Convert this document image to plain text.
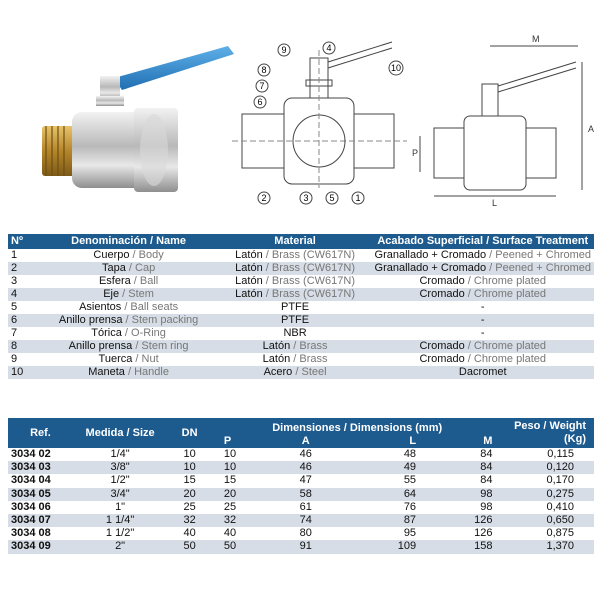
9	4
10
8
7
6
2	3 5 1
M
A
P
L
Nº	Denominación / Name	Material	Acabado Superficial / Surface Treatment
1	Cuerpo / Body	Latón / Brass (CW617N)	Granallado + Cromado / Peened + Chromed
2	Tapa / Cap	Latón / Brass (CW617N)	Granallado + Cromado / Peened + Chromed
3	Esfera / Ball	Latón / Brass (CW617N)	Cromado / Chrome plated
4	Eje / Stem	Latón / Brass (CW617N)	Cromado / Chrome plated
5	Asientos / Ball seats	PTFE	-
6	Anillo prensa / Stem packing	PTFE	-
7	Tórica / O-Ring	NBR	-
8	Anillo prensa / Stem ring	Latón / Brass	Cromado / Chrome plated
9	Tuerca / Nut	Latón / Brass	Cromado / Chrome plated
10	Maneta / Handle	Acero / Steel	Dacromet
Ref.	Medida / Size	DN	Dimensiones / Dimensions (mm)				Peso / Weight (Kg)
			P	A	L	M	
3034 02	1/4"	10	10	46	48	84	0,115
3034 03	3/8"	10	10	46	49	84	0,120
3034 04	1/2"	15	15	47	55	84	0,170
3034 05	3/4"	20	20	58	64	98	0,275
3034 06	1"	25	25	61	76	98	0,410
3034 07	1 1/4"	32	32	74	87	126	0,650
3034 08	1 1/2"	40	40	80	95	126	0,875
3034 09	2"	50	50	91	109	158	1,370
